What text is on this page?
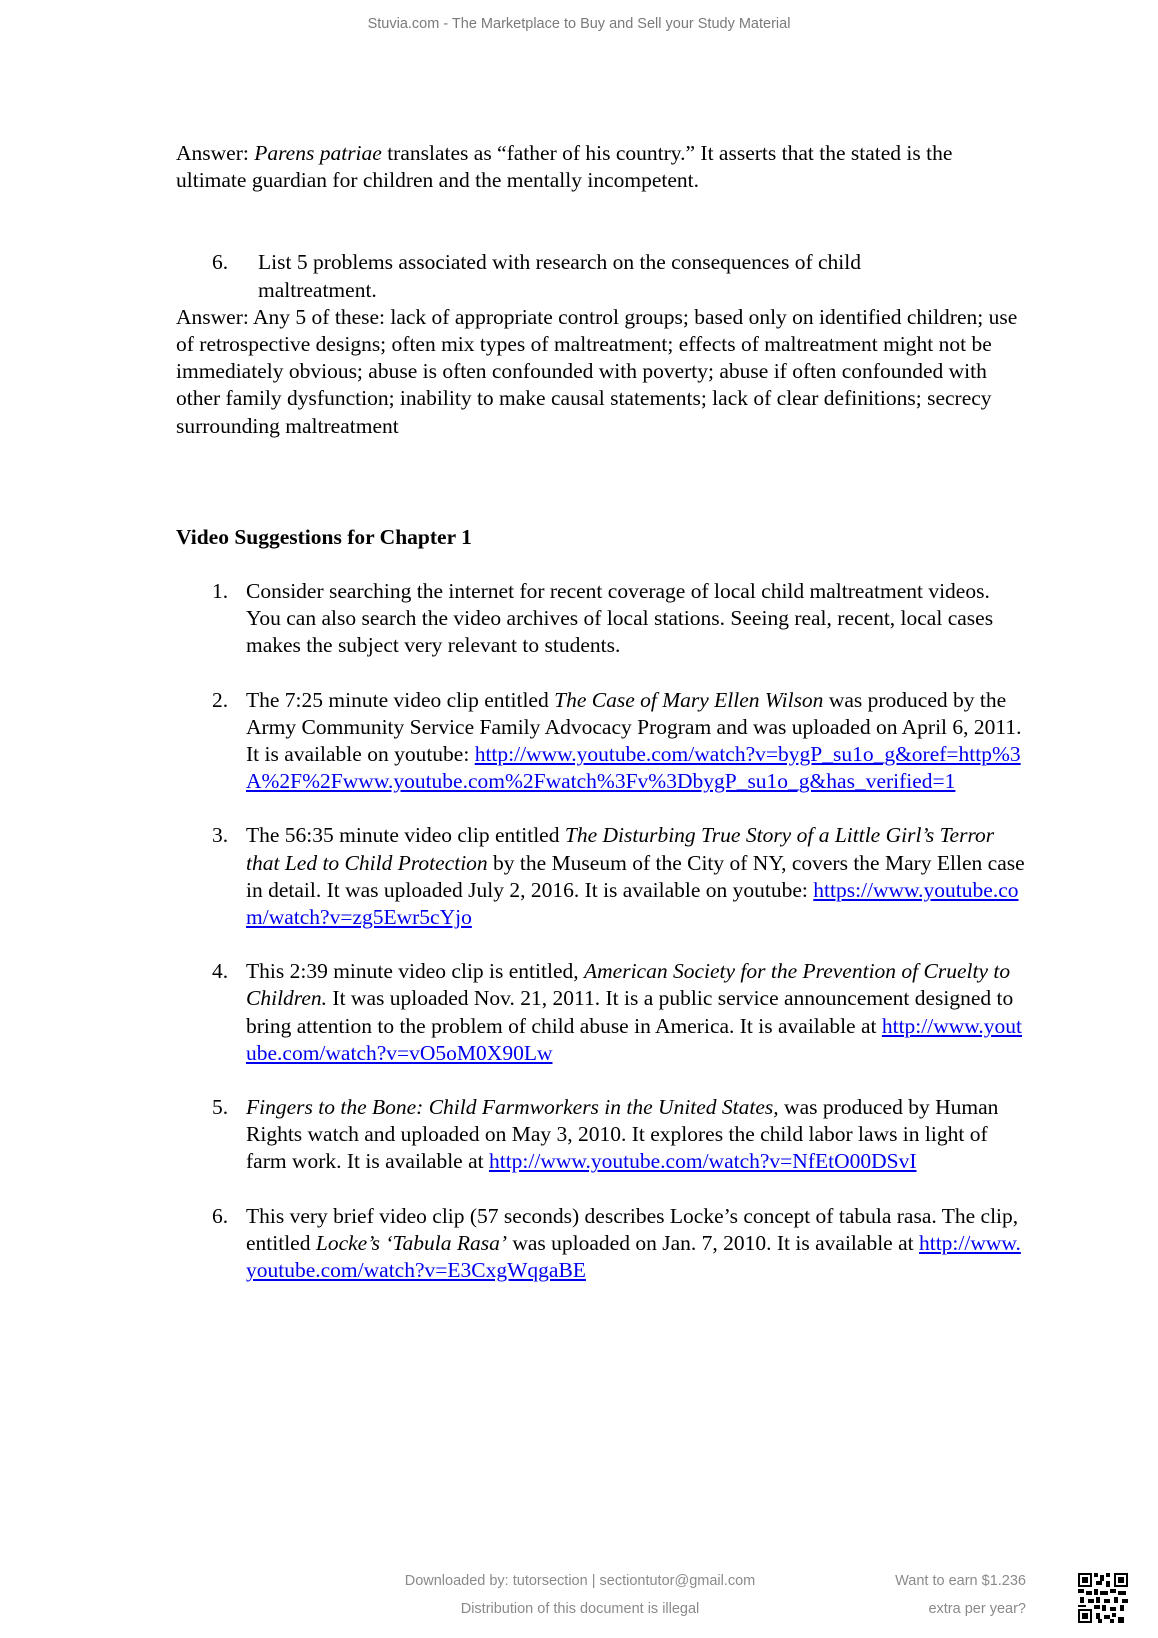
Stuvia.com - The Marketplace to Buy and Sell your Study Material

Answer: Parens patriae translates as “father of his country.” It asserts that the stated is the ultimate guardian for children and the mentally incompetent.

6. List 5 problems associated with research on the consequences of child
maltreatment.

Answer: Any 5 of these: lack of appropriate control groups; based only on identified children; use of retrospective designs; often mix types of maltreatment; effects of maltreatment might not be immediately obvious; abuse is often confounded with poverty; abuse if often confounded with other family dysfunction; inability to make causal statements; lack of clear definitions; secrecy surrounding maltreatment

Video Suggestions for Chapter 1

1. Consider searching the internet for recent coverage of local child maltreatment videos. You can also search the video archives of local stations. Seeing real, recent, local cases makes the subject very relevant to students.
2. The 7:25 minute video clip entitled The Case of Mary Ellen Wilson was produced by the Army Community Service Family Advocacy Program and was uploaded on April 6, 2011. It is available on youtube: http://www.youtube.com/watch?v=bygP_su1o_g&oref=http%3A%2F%2Fwww.youtube.com%2Fwatch%3Fv%3DbygP_su1o_g&has_verified=1
3. The 56:35 minute video clip entitled The Disturbing True Story of a Little Girl’s Terror that Led to Child Protection by the Museum of the City of NY, covers the Mary Ellen case in detail. It was uploaded July 2, 2016. It is available on youtube: https://www.youtube.com/watch?v=zg5Ewr5cYjo
4. This 2:39 minute video clip is entitled, American Society for the Prevention of Cruelty to Children. It was uploaded Nov. 21, 2011. It is a public service announcement designed to bring attention to the problem of child abuse in America. It is available at http://www.youtube.com/watch?v=vO5oM0X90Lw
5. Fingers to the Bone: Child Farmworkers in the United States, was produced by Human Rights watch and uploaded on May 3, 2010. It explores the child labor laws in light of farm work. It is available at http://www.youtube.com/watch?v=NfEtO00DSvI
6. This very brief video clip (57 seconds) describes Locke’s concept of tabula rasa. The clip, entitled Locke’s ‘Tabula Rasa’ was uploaded on Jan. 7, 2010. It is available at http://www.youtube.com/watch?v=E3CxgWqgaBE
Downloaded by: tutorsection | sectiontutor@gmail.com
Distribution of this document is illegal
Want to earn $1.236
extra per year?
